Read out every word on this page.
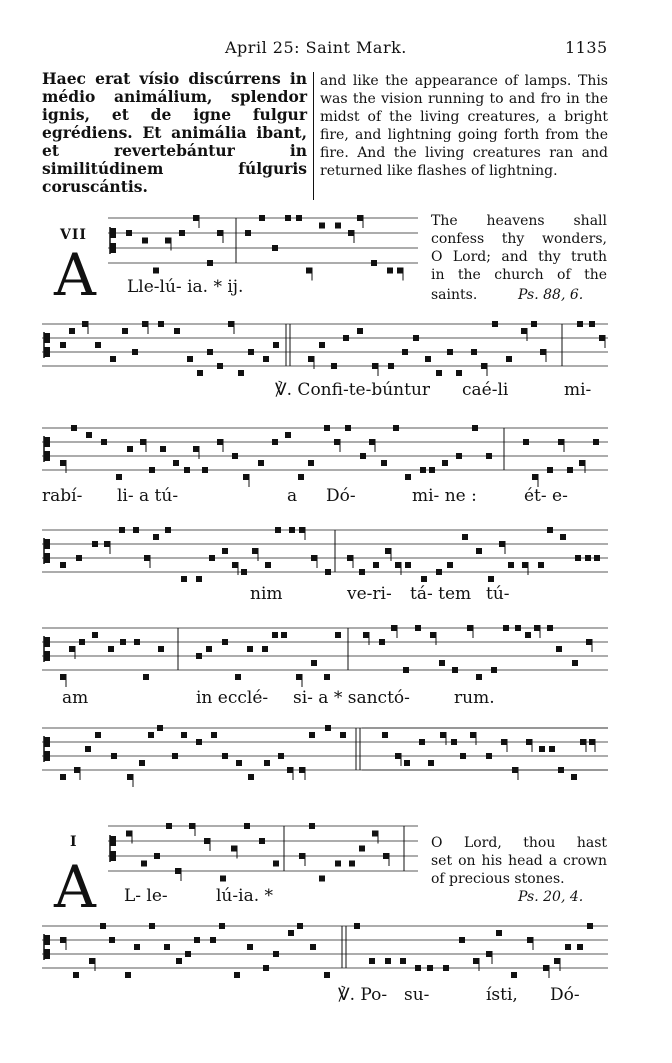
April 25: Saint Mark.	1135

Haec erat vísio discúrrens in médio animálium, splendor ignis, et de igne fulgur egrédiens. Et animália ibant, et revertebántur in similitúdinem fúlguris coruscántis.

and like the appearance of lamps. This was the vision running to and fro in the midst of the living creatures, a bright fire, and lightning going forth from the fire. And the living creatures ran and returned like flashes of lightning.

VII
A Lle-lú- ia. * ij.

The heavens shall

confess thy wonders,

O Lord; and thy truth

in the church of the

saints.	Ps. 88, 6.
℣. Confi-te-búntur caé-li	mi-
rabí- li- a tú-	a Dó-	mi- ne :	ét- e-
nim	ve-ri- tá- tem tú-
am	in ecclé- si- a * sanctó-	rum.
I
A L- le-	lú-ia. *

O Lord, thou hast

set on his head a crown

of precious stones.

Ps. 20, 4.
℣. Po- su-	ísti, Dó-
